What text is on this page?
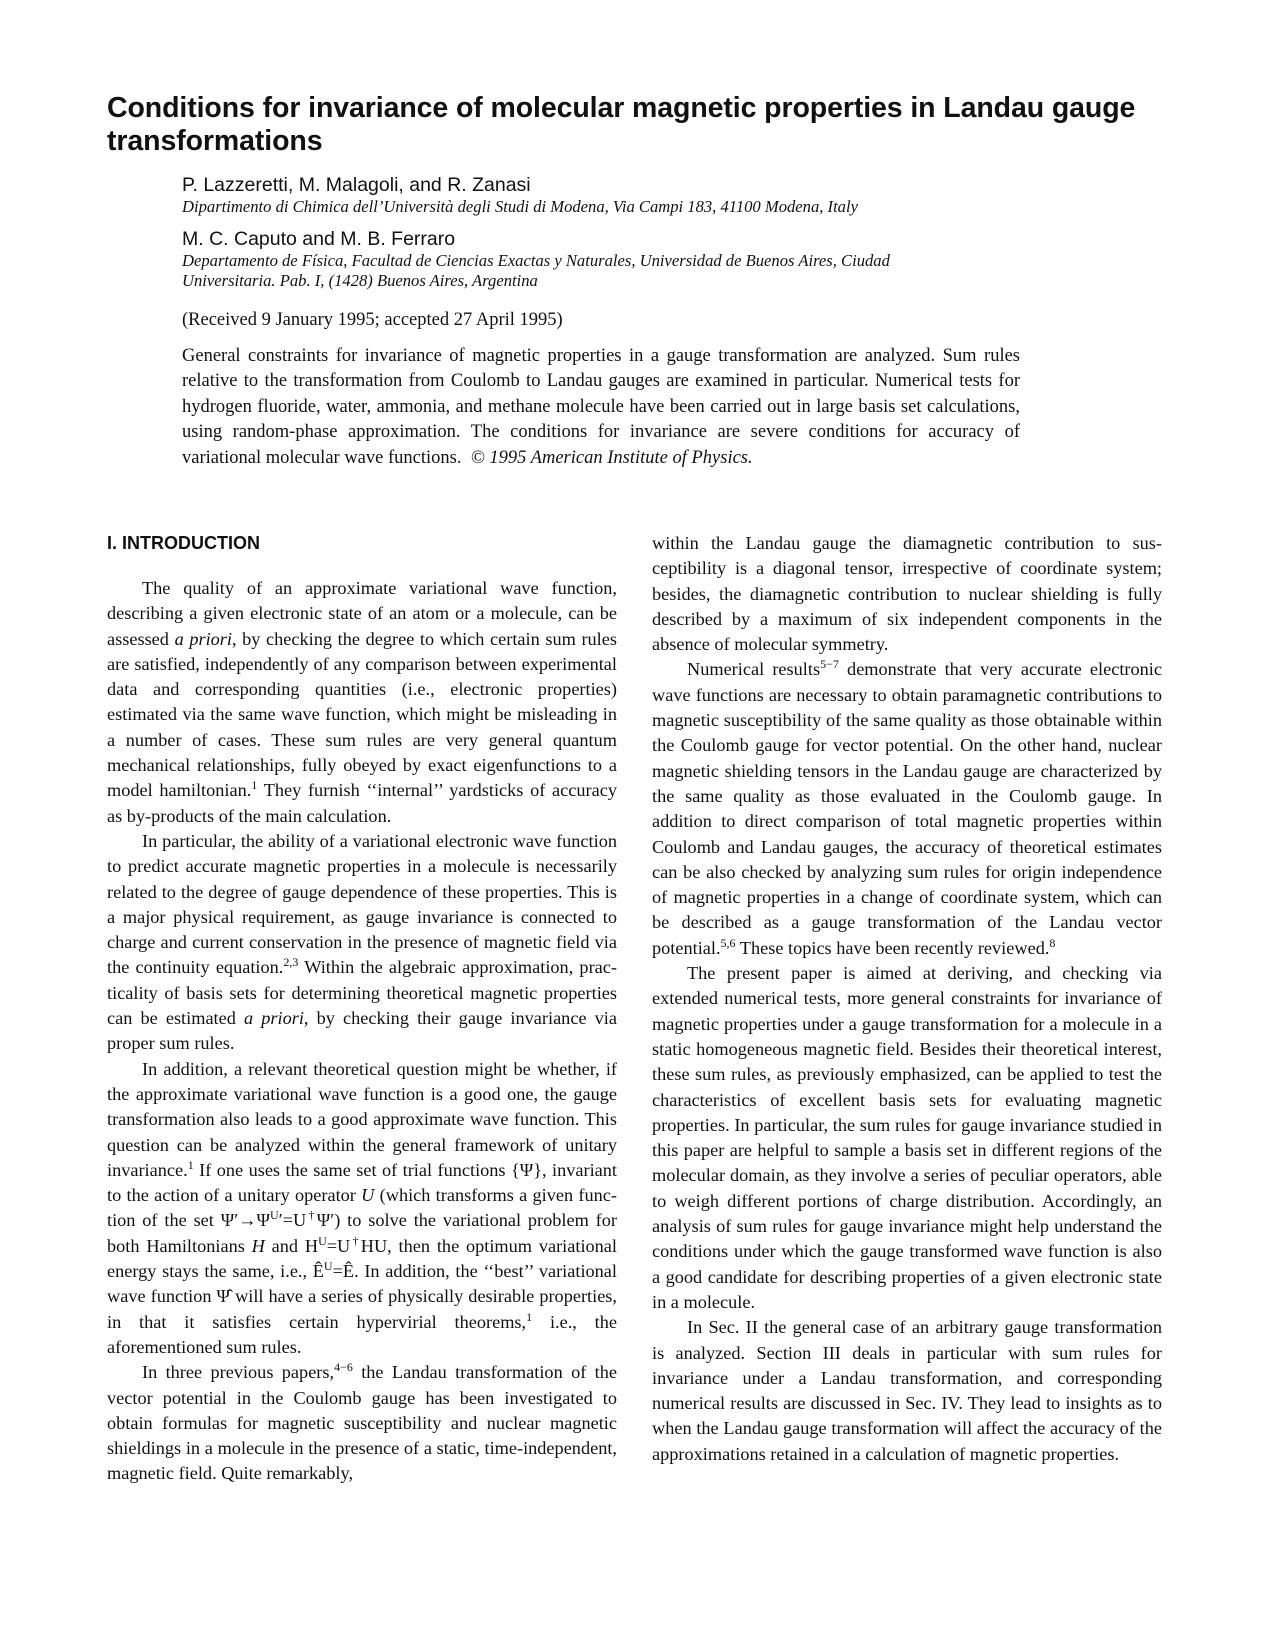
Conditions for invariance of molecular magnetic properties in Landau gauge transformations

P. Lazzeretti, M. Malagoli, and R. Zanasi

Dipartimento di Chimica dell’Università degli Studi di Modena, Via Campi 183, 41100 Modena, Italy

M. C. Caputo and M. B. Ferraro

Departamento de Física, Facultad de Ciencias Exactas y Naturales, Universidad de Buenos Aires, Ciudad
Universitaria. Pab. I, (1428) Buenos Aires, Argentina

(Received 9 January 1995; accepted 27 April 1995)

General constraints for invariance of magnetic properties in a gauge transformation are analyzed. Sum rules relative to the transformation from Coulomb to Landau gauges are examined in particular. Numerical tests for hydrogen fluoride, water, ammonia, and methane molecule have been carried out in large basis set calculations, using random-phase approximation. The conditions for invariance are severe conditions for accuracy of variational molecular wave functions. © 1995 American Institute of Physics.

I. INTRODUCTION

The quality of an approximate variational wave function, describing a given electronic state of an atom or a molecule, can be assessed a priori, by checking the degree to which certain sum rules are satisfied, independently of any comparison between experimental data and corresponding quantities (i.e., electronic properties) estimated via the same wave function, which might be misleading in a number of cases. These sum rules are very general quantum mechanical relationships, fully obeyed by exact eigenfunctions to a model hamiltonian.$^1$ They furnish ‘‘internal’’ yardsticks of accuracy as by-products of the main calculation.

In particular, the ability of a variational electronic wave function to predict accurate magnetic properties in a molecule is necessarily related to the degree of gauge dependence of these properties. This is a major physical requirement, as gauge invariance is connected to charge and current conservation in the presence of magnetic field via the continuity equation.$^{2,3}$ Within the algebraic approximation, practicality of basis sets for determining theoretical magnetic properties can be estimated a priori, by checking their gauge invariance via proper sum rules.

In addition, a relevant theoretical question might be whether, if the approximate variational wave function is a good one, the gauge transformation also leads to a good approximate wave function. This question can be analyzed within the general framework of unitary invariance.$^1$ If one uses the same set of trial functions {Ψ}, invariant to the action of a unitary operator U (which transforms a given function of the set $\Psi'\to\Psi^U'=U^\dagger\Psi'$) to solve the variational problem for both Hamiltonians H and $H^U=U^\dagger HU$, then the optimum variational energy stays the same, i.e., $Ê^U=Ê$. In addition, the ‘‘best’’ variational wave function Ψ̂ will have a series of physically desirable properties, in that it satisfies certain hypervirial theorems,$^1$ i.e., the aforementioned sum rules.

In three previous papers,$^{4-6}$ the Landau transformation of the vector potential in the Coulomb gauge has been investigated to obtain formulas for magnetic susceptibility and nuclear magnetic shieldings in a molecule in the presence of a static, time-independent, magnetic field. Quite remarkably,

within the Landau gauge the diamagnetic contribution to susceptibility is a diagonal tensor, irrespective of coordinate system; besides, the diamagnetic contribution to nuclear shielding is fully described by a maximum of six independent components in the absence of molecular symmetry.

Numerical results$^{5-7}$ demonstrate that very accurate electronic wave functions are necessary to obtain paramagnetic contributions to magnetic susceptibility of the same quality as those obtainable within the Coulomb gauge for vector potential. On the other hand, nuclear magnetic shielding tensors in the Landau gauge are characterized by the same quality as those evaluated in the Coulomb gauge. In addition to direct comparison of total magnetic properties within Coulomb and Landau gauges, the accuracy of theoretical estimates can be also checked by analyzing sum rules for origin independence of magnetic properties in a change of coordinate system, which can be described as a gauge transformation of the Landau vector potential.$^{5,6}$ These topics have been recently reviewed.$^8$

The present paper is aimed at deriving, and checking via extended numerical tests, more general constraints for invariance of magnetic properties under a gauge transformation for a molecule in a static homogeneous magnetic field. Besides their theoretical interest, these sum rules, as previously emphasized, can be applied to test the characteristics of excellent basis sets for evaluating magnetic properties. In particular, the sum rules for gauge invariance studied in this paper are helpful to sample a basis set in different regions of the molecular domain, as they involve a series of peculiar operators, able to weigh different portions of charge distribution. Accordingly, an analysis of sum rules for gauge invariance might help understand the conditions under which the gauge transformed wave function is also a good candidate for describing properties of a given electronic state in a molecule.

In Sec. II the general case of an arbitrary gauge transformation is analyzed. Section III deals in particular with sum rules for invariance under a Landau transformation, and corresponding numerical results are discussed in Sec. IV. They lead to insights as to when the Landau gauge transformation will affect the accuracy of the approximations retained in a calculation of magnetic properties.
